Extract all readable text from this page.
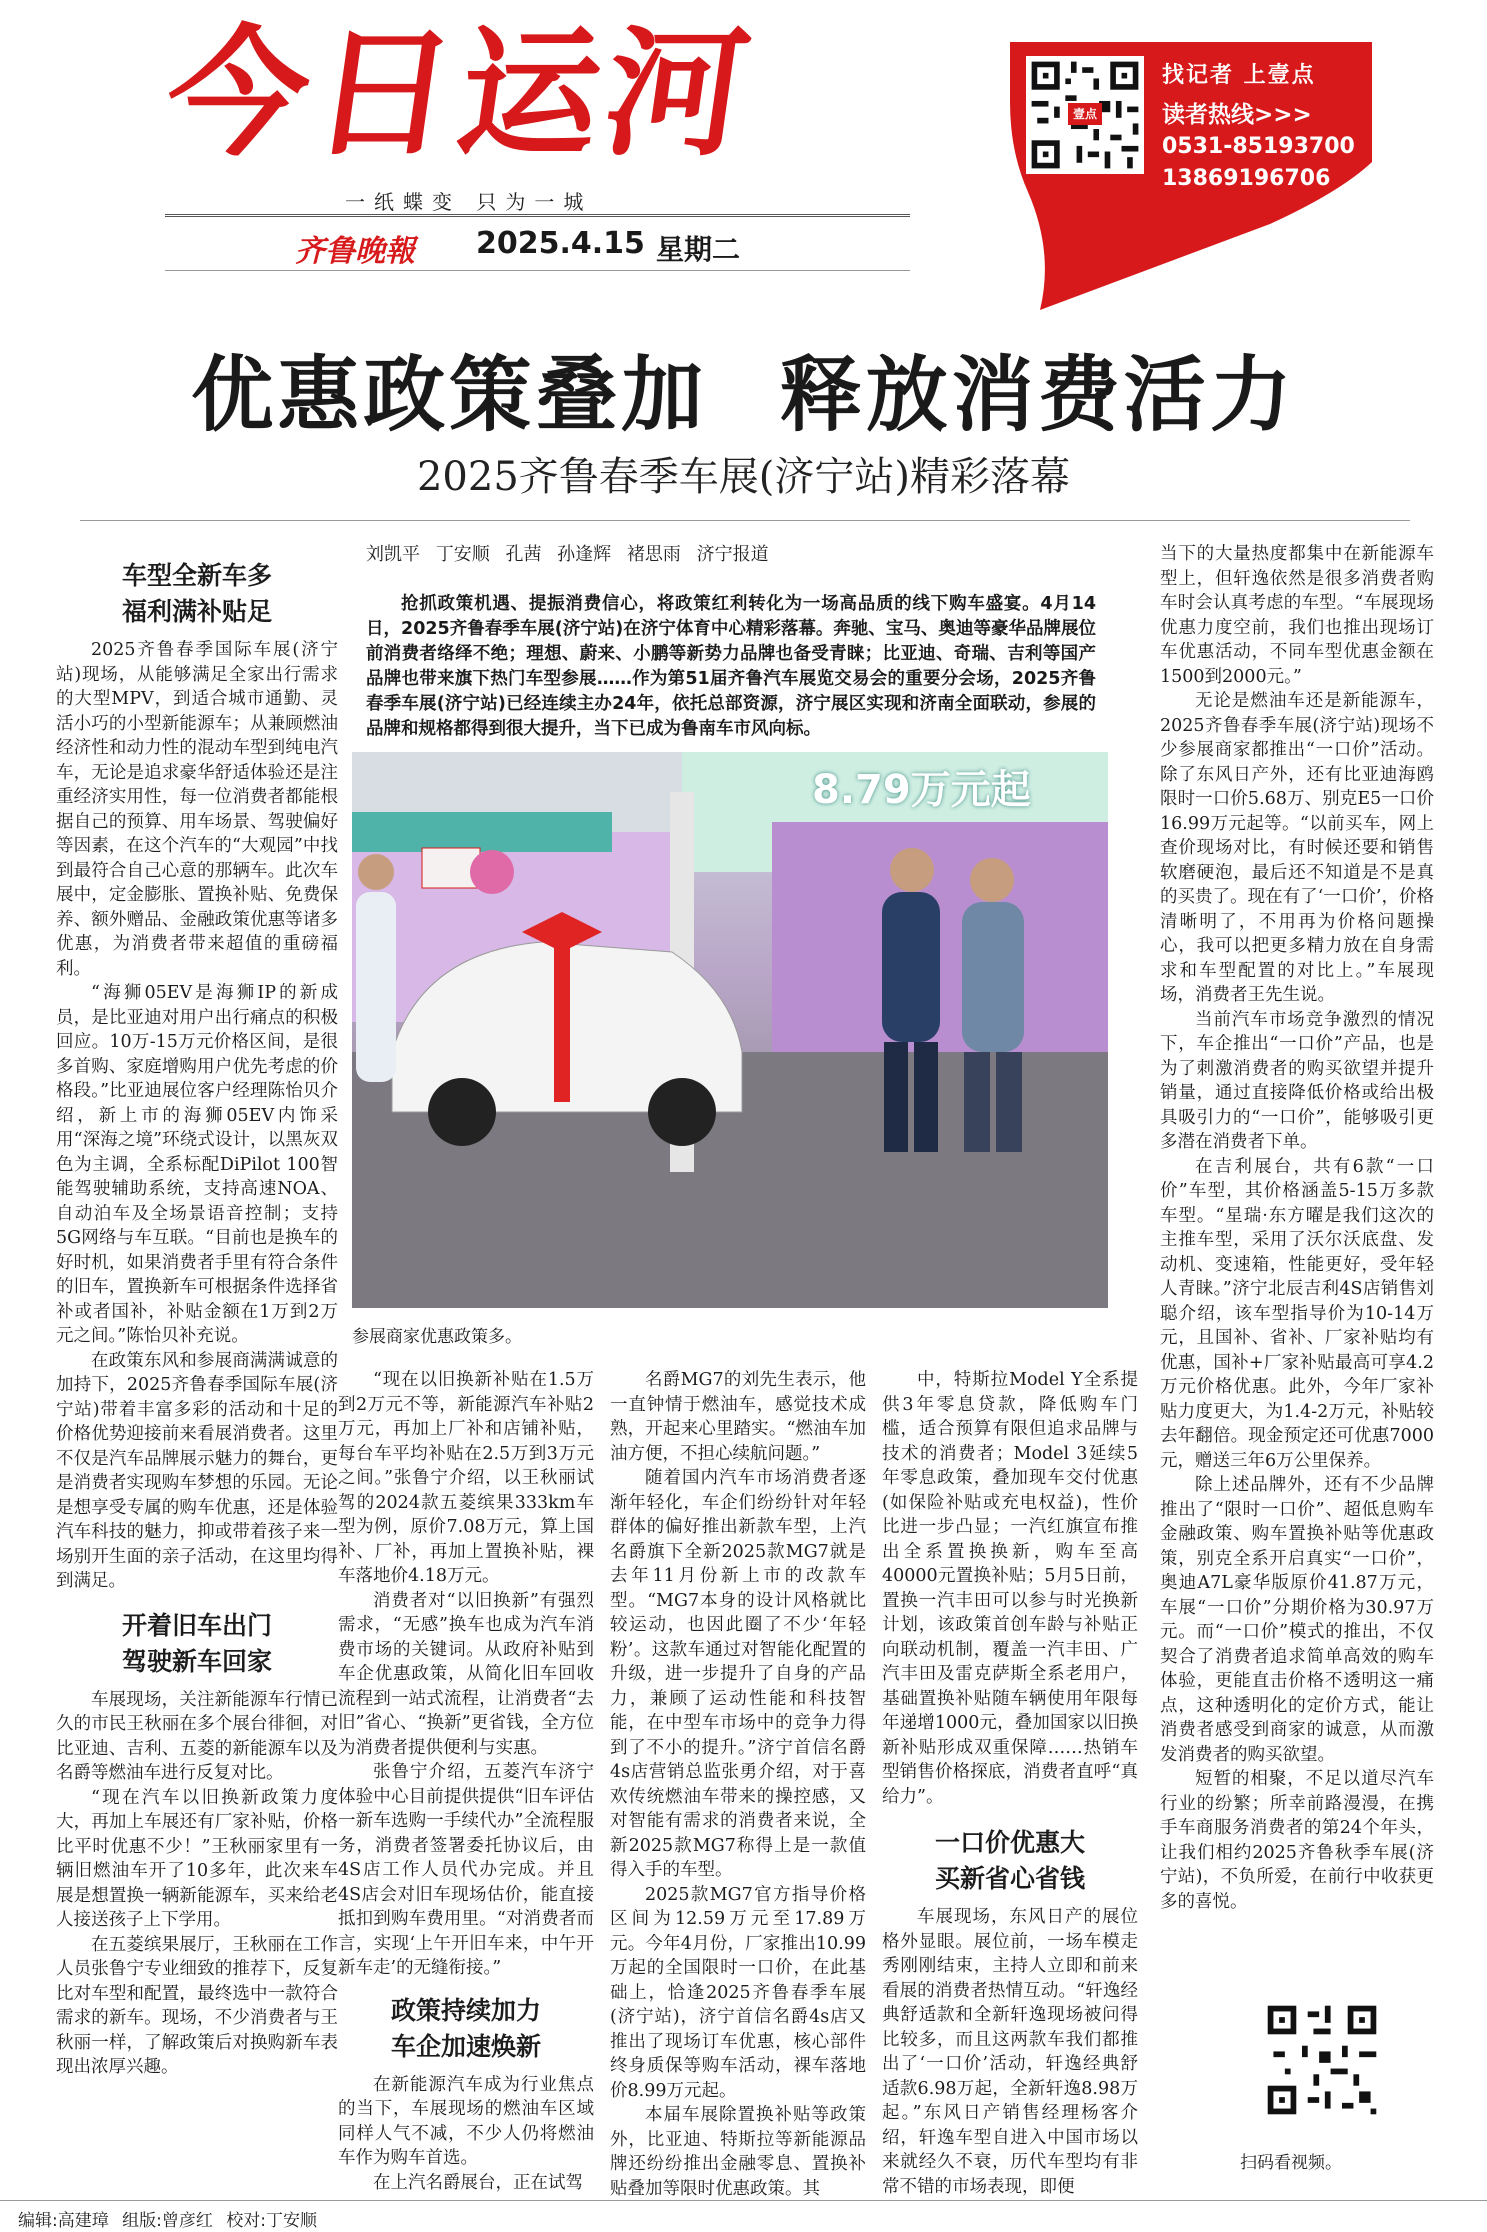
今日运河
一纸蝶变 只为一城
齐鲁晚報 2025.4.15 星期二
壹点
找记者 上壹点
读者热线>>>
0531-85193700
13869196706
优惠政策叠加 释放消费活力
2025齐鲁春季车展(济宁站)精彩落幕
车型全新车多
福利满补贴足

2025齐鲁春季国际车展(济宁站)现场，从能够满足全家出行需求的大型MPV，到适合城市通勤、灵活小巧的小型新能源车；从兼顾燃油经济性和动力性的混动车型到纯电汽车，无论是追求豪华舒适体验还是注重经济实用性，每一位消费者都能根据自己的预算、用车场景、驾驶偏好等因素，在这个汽车的“大观园”中找到最符合自己心意的那辆车。此次车展中，定金膨胀、置换补贴、免费保养、额外赠品、金融政策优惠等诸多优惠，为消费者带来超值的重磅福利。

“海狮05EV是海狮IP的新成员，是比亚迪对用户出行痛点的积极回应。10万-15万元价格区间，是很多首购、家庭增购用户优先考虑的价格段。”比亚迪展位客户经理陈怡贝介绍，新上市的海狮05EV内饰采用“深海之境”环绕式设计，以黑灰双色为主调，全系标配DiPilot 100智能驾驶辅助系统，支持高速NOA、自动泊车及全场景语音控制；支持5G网络与车互联。“目前也是换车的好时机，如果消费者手里有符合条件的旧车，置换新车可根据条件选择省补或者国补，补贴金额在1万到2万元之间。”陈怡贝补充说。

在政策东风和参展商满满诚意的加持下，2025齐鲁春季国际车展(济宁站)带着丰富多彩的活动和十足的价格优势迎接前来看展消费者。这里不仅是汽车品牌展示魅力的舞台，更是消费者实现购车梦想的乐园。无论是想享受专属的购车优惠，还是体验汽车科技的魅力，抑或带着孩子来一场别开生面的亲子活动，在这里均得到满足。

开着旧车出门
驾驶新车回家

车展现场，关注新能源车行情已久的市民王秋丽在多个展台徘徊，对比亚迪、吉利、五菱的新能源车以及名爵等燃油车进行反复对比。

“现在汽车以旧换新政策力度大，再加上车展还有厂家补贴，价格比平时优惠不少！”王秋丽家里有一辆旧燃油车开了10多年，此次来车展是想置换一辆新能源车，买来给老人接送孩子上下学用。

在五菱缤果展厅，王秋丽在工作人员张鲁宁专业细致的推荐下，反复比对车型和配置，最终选中一款符合需求的新车。现场，不少消费者与王秋丽一样，了解政策后对换购新车表现出浓厚兴趣。

刘凯平 丁安顺 孔茜 孙逢辉 褚思雨 济宁报道
抢抓政策机遇、提振消费信心，将政策红利转化为一场高品质的线下购车盛宴。4月14日，2025齐鲁春季车展(济宁站)在济宁体育中心精彩落幕。奔驰、宝马、奥迪等豪华品牌展位前消费者络绎不绝；理想、蔚来、小鹏等新势力品牌也备受青睐；比亚迪、奇瑞、吉利等国产品牌也带来旗下热门车型参展……作为第51届齐鲁汽车展览交易会的重要分会场，2025齐鲁春季车展(济宁站)已经连续主办24年，依托总部资源，济宁展区实现和济南全面联动，参展的品牌和规格都得到很大提升，当下已成为鲁南车市风向标。
8.79万元起
参展商家优惠政策多。

“现在以旧换新补贴在1.5万到2万元不等，新能源汽车补贴2万元，再加上厂补和店铺补贴，每台车平均补贴在2.5万到3万元之间。”张鲁宁介绍，以王秋丽试驾的2024款五菱缤果333km车型为例，原价7.08万元，算上国补、厂补，再加上置换补贴，裸车落地价4.18万元。

消费者对“以旧换新”有强烈需求，“无感”换车也成为汽车消费市场的关键词。从政府补贴到车企优惠政策，从简化旧车回收流程到一站式流程，让消费者“去旧”省心、“换新”更省钱，全方位为消费者提供便利与实惠。

张鲁宁介绍，五菱汽车济宁体验中心目前提供提供“旧车评估一新车选购一手续代办”全流程服务，消费者签署委托协议后，由4S店工作人员代办完成。并且4S店会对旧车现场估价，能直接抵扣到购车费用里。“对消费者而言，实现‘上午开旧车来，中午开新车走’的无缝衔接。”

政策持续加力
车企加速焕新

在新能源汽车成为行业焦点的当下，车展现场的燃油车区域同样人气不减，不少人仍将燃油车作为购车首选。

在上汽名爵展台，正在试驾

名爵MG7的刘先生表示，他一直钟情于燃油车，感觉技术成熟，开起来心里踏实。“燃油车加油方便，不担心续航问题。”

随着国内汽车市场消费者逐渐年轻化，车企们纷纷针对年轻群体的偏好推出新款车型，上汽名爵旗下全新2025款MG7就是去年11月份新上市的改款车型。“MG7本身的设计风格就比较运动，也因此圈了不少‘年轻粉’。这款车通过对智能化配置的升级，进一步提升了自身的产品力，兼顾了运动性能和科技智能，在中型车市场中的竞争力得到了不小的提升。”济宁首信名爵4s店营销总监张勇介绍，对于喜欢传统燃油车带来的操控感，又对智能有需求的消费者来说，全新2025款MG7称得上是一款值得入手的车型。

2025款MG7官方指导价格区间为12.59万元至17.89万元。今年4月份，厂家推出10.99万起的全国限时一口价，在此基础上，恰逢2025齐鲁春季车展(济宁站)，济宁首信名爵4s店又推出了现场订车优惠，核心部件终身质保等购车活动，裸车落地价8.99万元起。

本届车展除置换补贴等政策外，比亚迪、特斯拉等新能源品牌还纷纷推出金融零息、置换补贴叠加等限时优惠政策。其

中，特斯拉Model Y全系提供3年零息贷款，降低购车门槛，适合预算有限但追求品牌与技术的消费者；Model 3延续5年零息政策，叠加现车交付优惠(如保险补贴或充电权益)，性价比进一步凸显；一汽红旗宣布推出全系置换换新，购车至高40000元置换补贴；5月5日前，置换一汽丰田可以参与时光换新计划，该政策首创车龄与补贴正向联动机制，覆盖一汽丰田、广汽丰田及雷克萨斯全系老用户，基础置换补贴随车辆使用年限每年递增1000元，叠加国家以旧换新补贴形成双重保障……热销车型销售价格探底，消费者直呼“真给力”。

一口价优惠大
买新省心省钱

车展现场，东风日产的展位格外显眼。展位前，一场车模走秀刚刚结束，主持人立即和前来看展的消费者热情互动。“轩逸经典舒适款和全新轩逸现场被问得比较多，而且这两款车我们都推出了‘一口价’活动，轩逸经典舒适款6.98万起，全新轩逸8.98万起。”东风日产销售经理杨客介绍，轩逸车型自进入中国市场以来就经久不衰，历代车型均有非常不错的市场表现，即便

当下的大量热度都集中在新能源车型上，但轩逸依然是很多消费者购车时会认真考虑的车型。“车展现场优惠力度空前，我们也推出现场订车优惠活动，不同车型优惠金额在1500到2000元。”

无论是燃油车还是新能源车，2025齐鲁春季车展(济宁站)现场不少参展商家都推出“一口价”活动。除了东风日产外，还有比亚迪海鸥限时一口价5.68万、别克E5一口价16.99万元起等。“以前买车，网上查价现场对比，有时候还要和销售软磨硬泡，最后还不知道是不是真的买贵了。现在有了‘一口价’，价格清晰明了，不用再为价格问题操心，我可以把更多精力放在自身需求和车型配置的对比上。”车展现场，消费者王先生说。

当前汽车市场竞争激烈的情况下，车企推出“一口价”产品，也是为了刺激消费者的购买欲望并提升销量，通过直接降低价格或给出极具吸引力的“一口价”，能够吸引更多潜在消费者下单。

在吉利展台，共有6款“一口价”车型，其价格涵盖5-15万多款车型。“星瑞·东方曜是我们这次的主推车型，采用了沃尔沃底盘、发动机、变速箱，性能更好，受年轻人青睐。”济宁北辰吉利4S店销售刘聪介绍，该车型指导价为10-14万元，且国补、省补、厂家补贴均有优惠，国补+厂家补贴最高可享4.2万元价格优惠。此外，今年厂家补贴力度更大，为1.4-2万元，补贴较去年翻倍。现金预定还可优惠7000元，赠送三年6万公里保养。

除上述品牌外，还有不少品牌推出了“限时一口价”、超低息购车金融政策、购车置换补贴等优惠政策，别克全系开启真实“一口价”，奥迪A7L豪华版原价41.87万元，车展“一口价”分期价格为30.97万元。而“一口价”模式的推出，不仅契合了消费者追求简单高效的购车体验，更能直击价格不透明这一痛点，这种透明化的定价方式，能让消费者感受到商家的诚意，从而激发消费者的购买欲望。

短暂的相聚，不足以道尽汽车行业的纷繁；所幸前路漫漫，在携手车商服务消费者的第24个年头，让我们相约2025齐鲁秋季车展(济宁站)，不负所爱，在前行中收获更多的喜悦。

扫码看视频。
编辑:高建璋 组版:曾彦红 校对:丁安顺
